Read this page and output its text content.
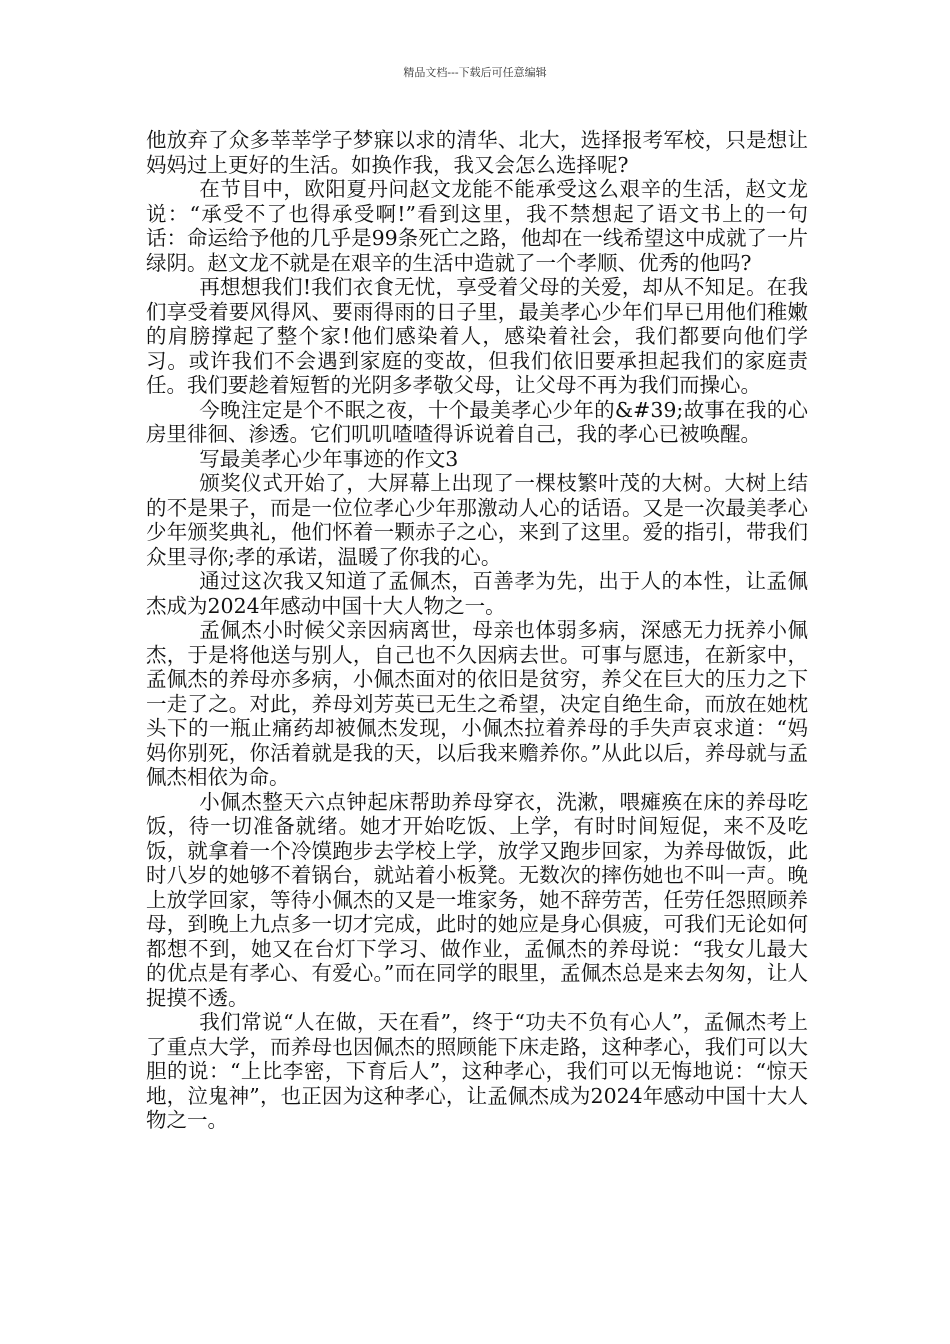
精品文档---下载后可任意编辑

他放弃了众多莘莘学子梦寐以求的清华、北大，选择报考军校，只是想让妈妈过上更好的生活。如换作我，我又会怎么选择呢?

在节目中，欧阳夏丹问赵文龙能不能承受这么艰辛的生活，赵文龙说：“承受不了也得承受啊!”看到这里，我不禁想起了语文书上的一句话：命运给予他的几乎是99条死亡之路，他却在一线希望这中成就了一片绿阴。赵文龙不就是在艰辛的生活中造就了一个孝顺、优秀的他吗?

再想想我们!我们衣食无忧，享受着父母的关爱，却从不知足。在我们享受着要风得风、要雨得雨的日子里，最美孝心少年们早已用他们稚嫩的肩膀撑起了整个家!他们感染着人，感染着社会，我们都要向他们学习。或许我们不会遇到家庭的变故，但我们依旧要承担起我们的家庭责任。我们要趁着短暂的光阴多孝敬父母，让父母不再为我们而操心。

今晚注定是个不眠之夜，十个最美孝心少年的&#39;故事在我的心房里徘徊、渗透。它们叽叽喳喳得诉说着自己，我的孝心已被唤醒。

写最美孝心少年事迹的作文3

颁奖仪式开始了，大屏幕上出现了一棵枝繁叶茂的大树。大树上结的不是果子，而是一位位孝心少年那激动人心的话语。又是一次最美孝心少年颁奖典礼，他们怀着一颗赤子之心，来到了这里。爱的指引，带我们众里寻你;孝的承诺，温暖了你我的心。

通过这次我又知道了孟佩杰，百善孝为先，出于人的本性，让孟佩杰成为2024年感动中国十大人物之一。

孟佩杰小时候父亲因病离世，母亲也体弱多病，深感无力抚养小佩杰，于是将他送与别人，自己也不久因病去世。可事与愿违，在新家中，孟佩杰的养母亦多病，小佩杰面对的依旧是贫穷，养父在巨大的压力之下一走了之。对此，养母刘芳英已无生之希望，决定自绝生命，而放在她枕头下的一瓶止痛药却被佩杰发现，小佩杰拉着养母的手失声哀求道：“妈妈你别死，你活着就是我的天，以后我来赡养你。”从此以后，养母就与孟佩杰相依为命。

小佩杰整天六点钟起床帮助养母穿衣，洗漱，喂瘫痪在床的养母吃饭，待一切准备就绪。她才开始吃饭、上学，有时时间短促，来不及吃饭，就拿着一个冷馍跑步去学校上学，放学又跑步回家，为养母做饭，此时八岁的她够不着锅台，就站着小板凳。无数次的摔伤她也不叫一声。晚上放学回家，等待小佩杰的又是一堆家务，她不辞劳苦，任劳任怨照顾养母，到晚上九点多一切才完成，此时的她应是身心俱疲，可我们无论如何都想不到，她又在台灯下学习、做作业，孟佩杰的养母说：“我女儿最大的优点是有孝心、有爱心。”而在同学的眼里，孟佩杰总是来去匆匆，让人捉摸不透。

我们常说“人在做，天在看”，终于“功夫不负有心人”，孟佩杰考上了重点大学，而养母也因佩杰的照顾能下床走路，这种孝心，我们可以大胆的说：“上比李密，下育后人”，这种孝心，我们可以无悔地说：“惊天地，泣鬼神”，也正因为这种孝心，让孟佩杰成为2024年感动中国十大人物之一。
